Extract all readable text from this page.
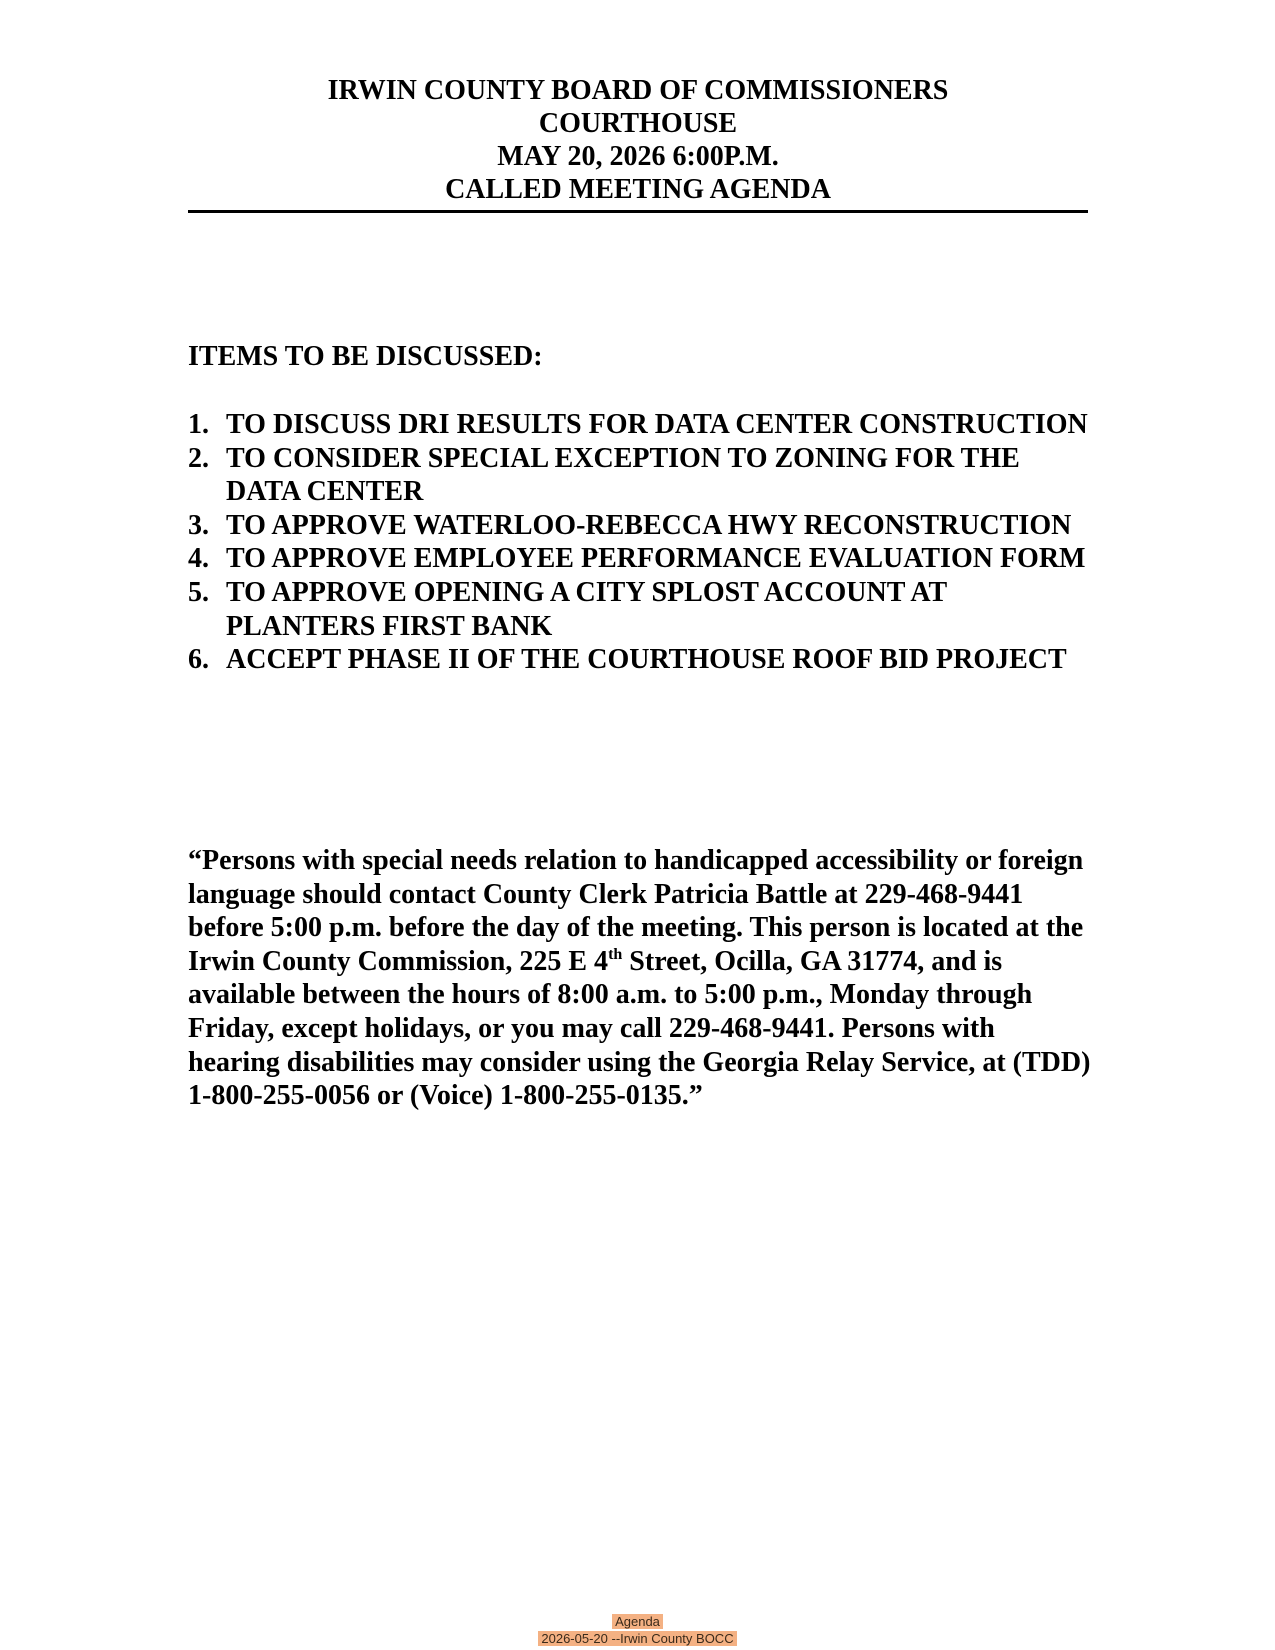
IRWIN COUNTY BOARD OF COMMISSIONERS
COURTHOUSE
MAY 20, 2026 6:00P.M.
CALLED MEETING AGENDA
ITEMS TO BE DISCUSSED:
1. TO DISCUSS DRI RESULTS FOR DATA CENTER CONSTRUCTION
2. TO CONSIDER SPECIAL EXCEPTION TO ZONING FOR THE DATA CENTER
3. TO APPROVE WATERLOO-REBECCA HWY RECONSTRUCTION
4. TO APPROVE EMPLOYEE PERFORMANCE EVALUATION FORM
5. TO APPROVE OPENING A CITY SPLOST ACCOUNT AT PLANTERS FIRST BANK
6. ACCEPT PHASE II OF THE COURTHOUSE ROOF BID PROJECT

“Persons with special needs relation to handicapped accessibility or foreign language should contact County Clerk Patricia Battle at 229-468-9441 before 5:00 p.m. before the day of the meeting. This person is located at the Irwin County Commission, 225 E 4th Street, Ocilla, GA 31774, and is available between the hours of 8:00 a.m. to 5:00 p.m., Monday through Friday, except holidays, or you may call 229-468-9441. Persons with hearing disabilities may consider using the Georgia Relay Service, at (TDD) 1-800-255-0056 or (Voice) 1-800-255-0135.”

Agenda
2026-05-20 --Irwin County BOCC
